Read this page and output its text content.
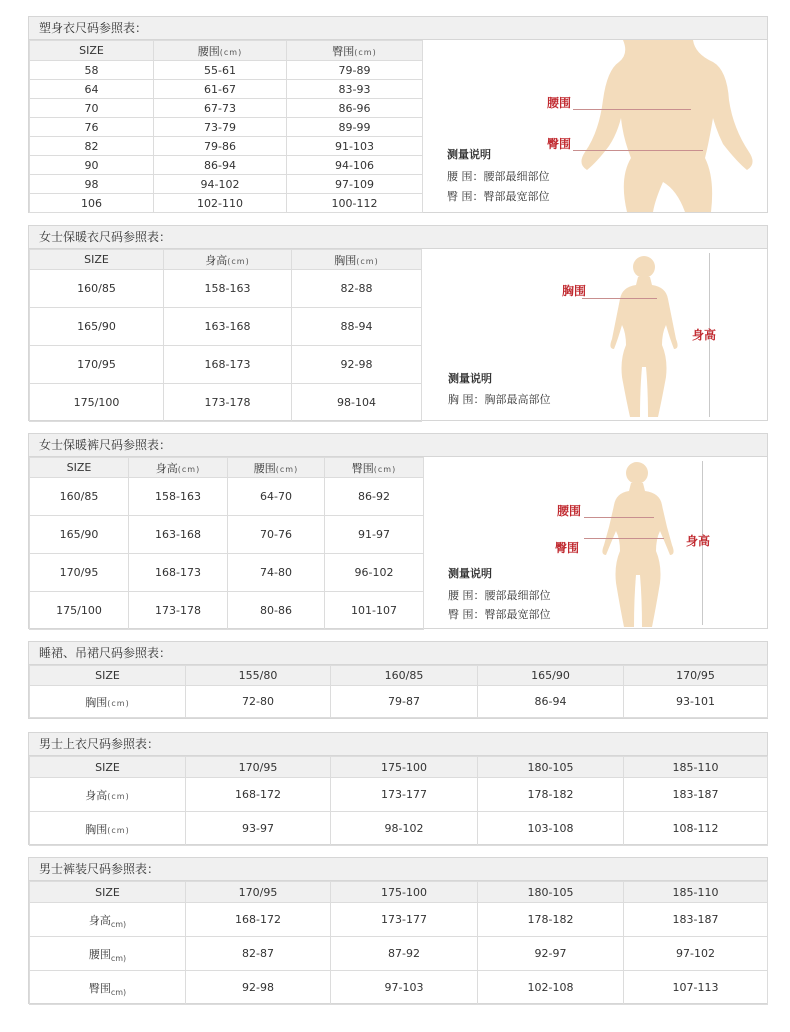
塑身衣尺码参照表：
SIZE	腰围(cm)	臀围(cm)
58	55-61	79-89
64	61-67	83-93
70	67-73	86-96
76	73-79	89-99
82	79-86	91-103
90	86-94	94-106
98	94-102	97-109
106	102-110	100-112
腰围
臀围
测量说明
腰 围：腰部最细部位
臀 围：臀部最宽部位
女士保暖衣尺码参照表：
SIZE	身高(cm)	胸围(cm)
160/85	158-163	82-88
165/90	163-168	88-94
170/95	168-173	92-98
175/100	173-178	98-104
胸围
身高
测量说明
胸 围：胸部最高部位
女士保暖裤尺码参照表：
SIZE	身高(cm)	腰围(cm)	臀围(cm)
160/85	158-163	64-70	86-92
165/90	163-168	70-76	91-97
170/95	168-173	74-80	96-102
175/100	173-178	80-86	101-107
腰围
臀围	身高
测量说明
腰 围：腰部最细部位
臀 围：臀部最宽部位
睡裙、吊裙尺码参照表：
SIZE	155/80	160/85	165/90	170/95
胸围(cm)	72-80	79-87	86-94	93-101
男士上衣尺码参照表：
SIZE	170/95	175-100	180-105	185-110
身高(cm)	168-172	173-177	178-182	183-187
胸围(cm)	93-97	98-102	103-108	108-112
男士裤装尺码参照表：
SIZE	170/95	175-100	180-105	185-110
身高$_{cm)}$	168-172	173-177	178-182	183-187
腰围$_{cm)}$	82-87	87-92	92-97	97-102
臀围$_{cm)}$	92-98	97-103	102-108	107-113
